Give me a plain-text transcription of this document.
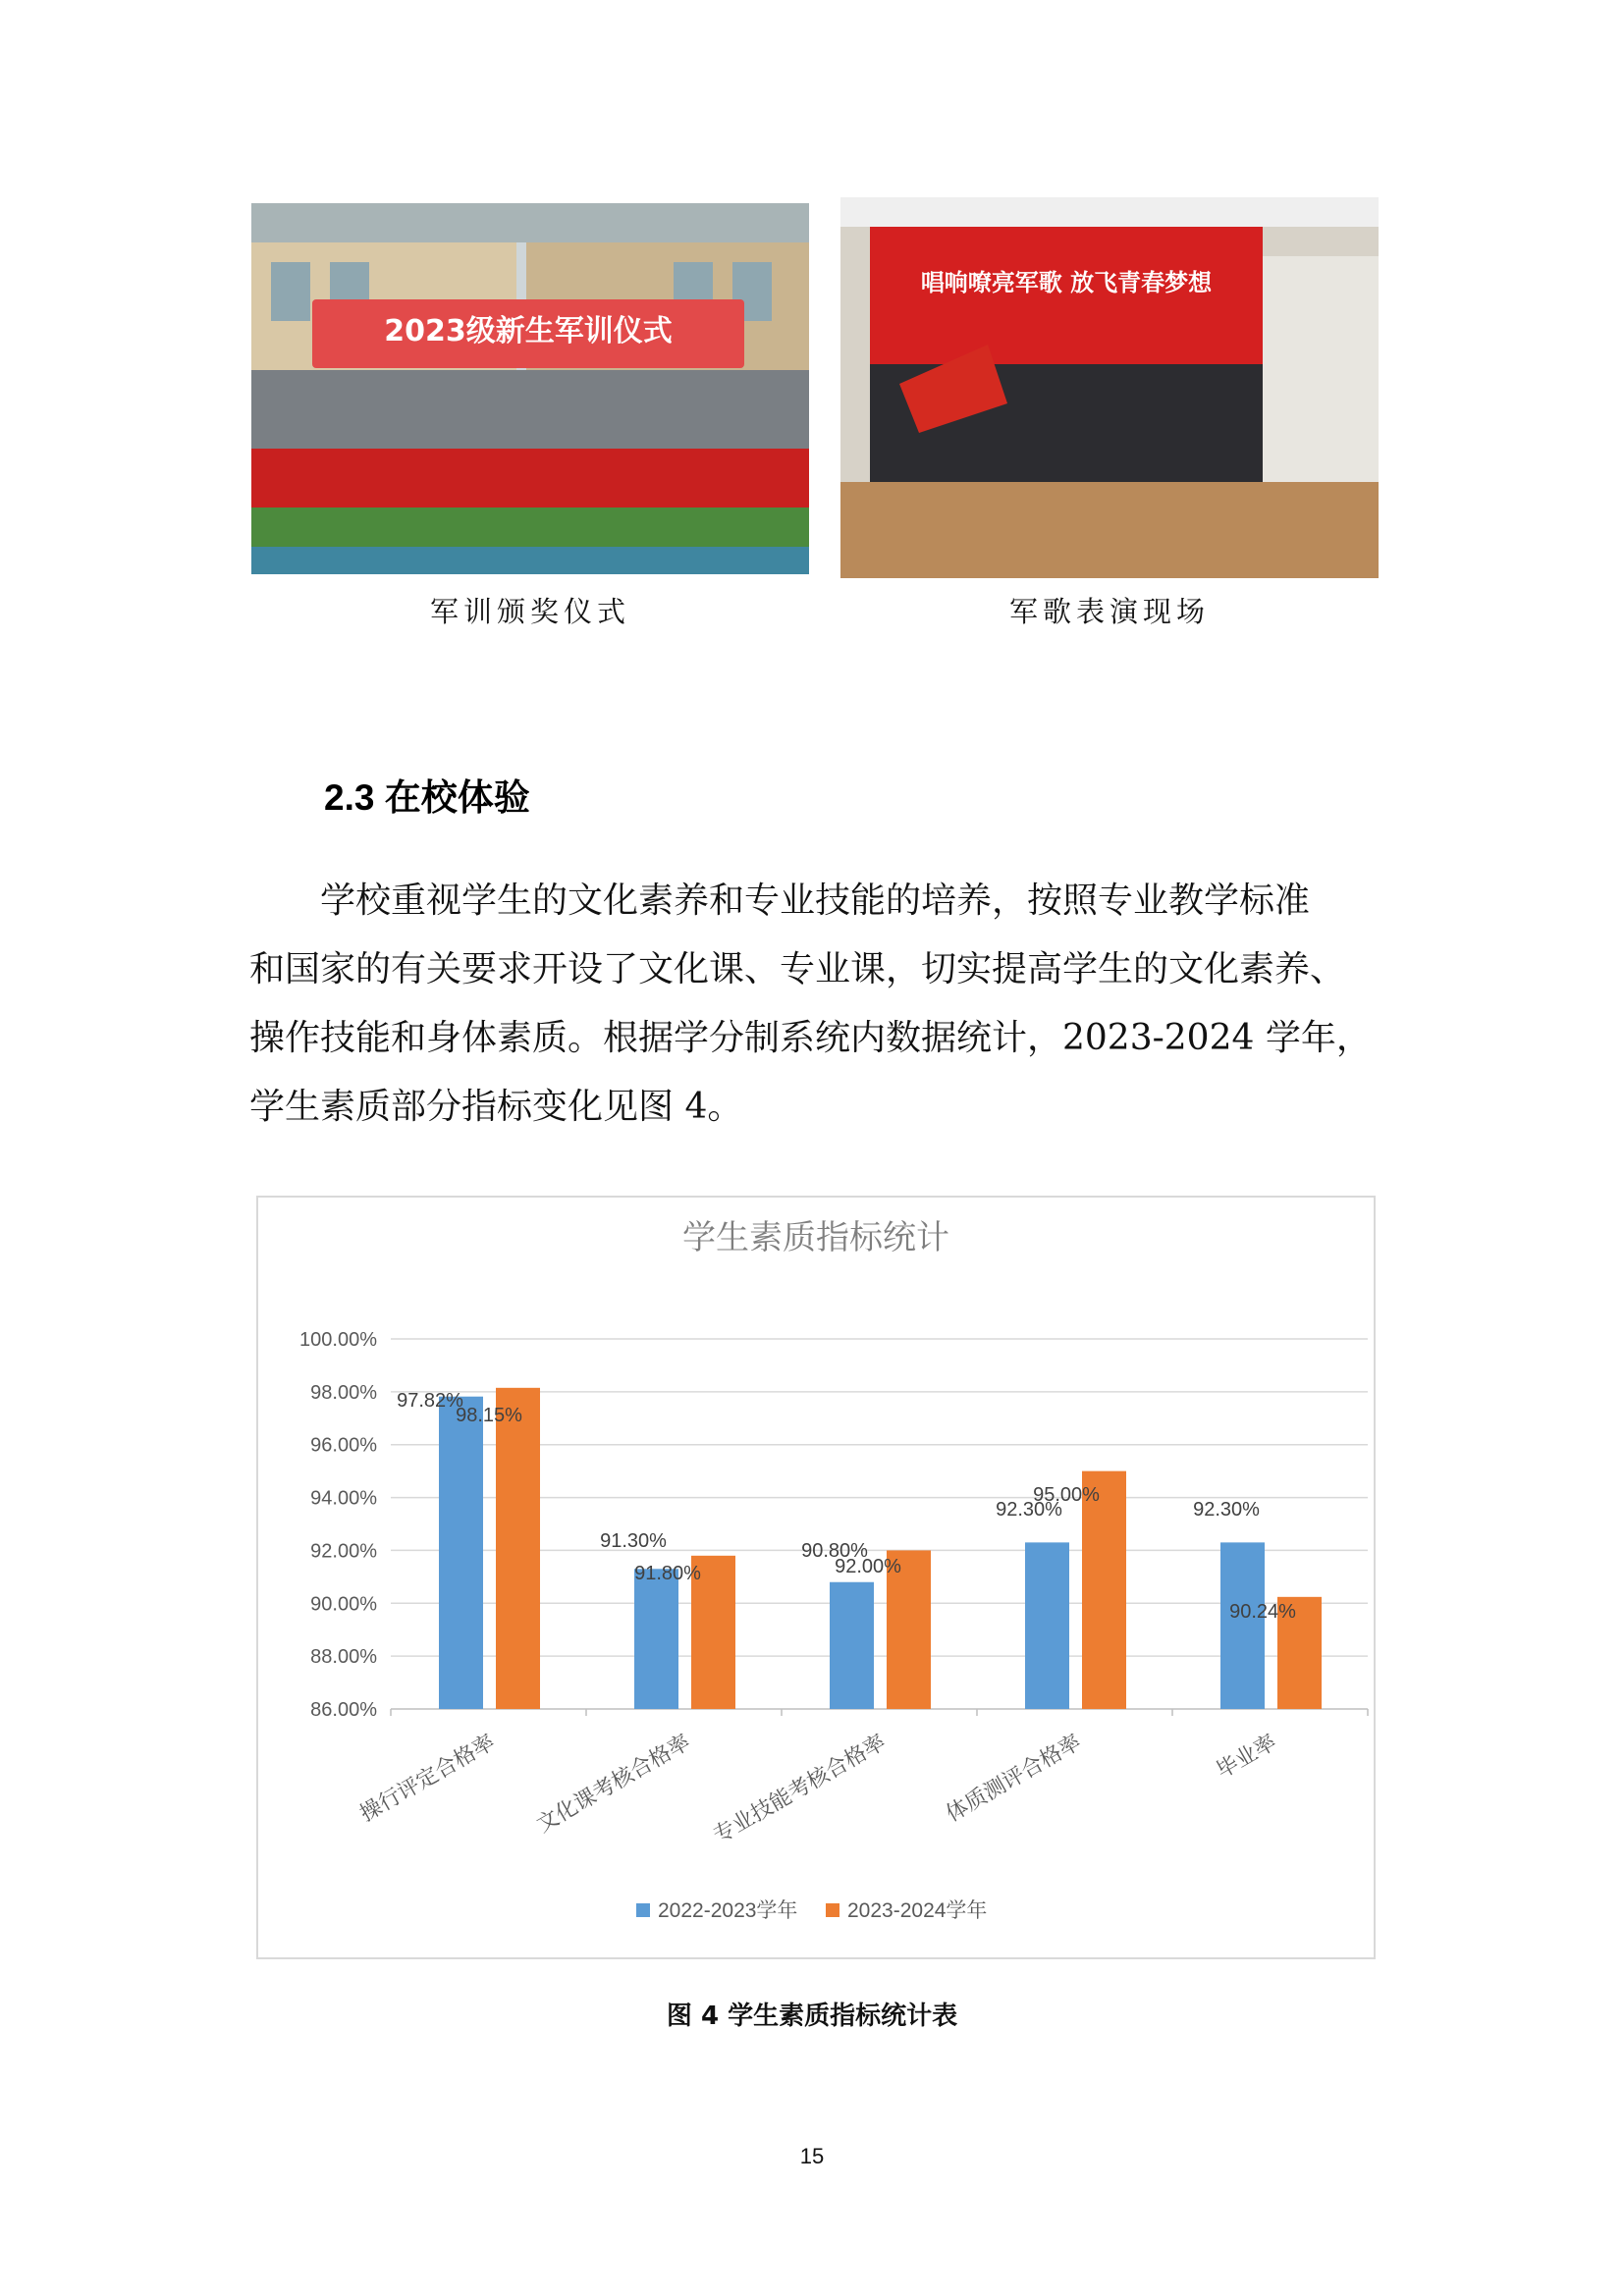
2023级新生军训仪式
军训颁奖仪式
唱响嘹亮军歌 放飞青春梦想
军歌表演现场
2.3 在校体验
　　学校重视学生的文化素养和专业技能的培养，按照专业教学标准
和国家的有关要求开设了文化课、专业课，切实提高学生的文化素养、
操作技能和身体素质。根据学分制系统内数据统计，2023-2024 学年，
学生素质部分指标变化见图 4。
学生素质指标统计
86.00%
88.00%
90.00%
92.00%
94.00%
96.00%
98.00%
100.00%
97.82%
98.15%
91.30%
91.80%
90.80%
92.00%
92.30%
95.00%
92.30%
90.24%
操行评定合格率 文化课考核合格率 专业技能考核合格率 体质测评合格率	毕业率
2022-2023学年 2023-2024学年
图 4 学生素质指标统计表
15
